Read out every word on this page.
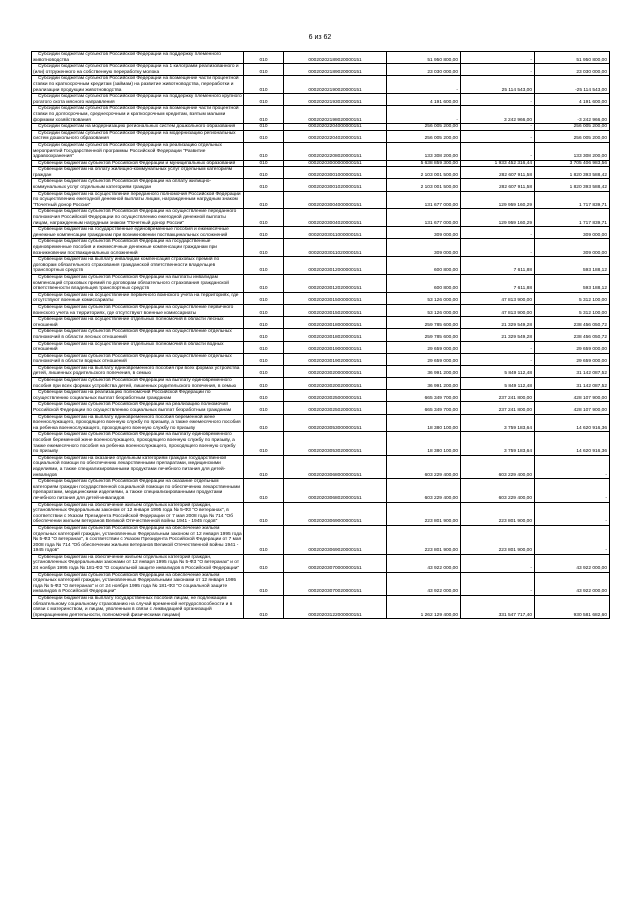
6 из 62
Субсидии бюджетам субъектов Российской Федерации на поддержку племенного животноводства	010	00020202189020000151	51 950 800,00	-	51 950 800,00
Субсидии бюджетам субъектов Российской Федерации на 1 килограмм реализованного и (или) отгруженного на собственную переработку молока	010	00020202189020000151	23 030 000,00	-	23 030 000,00
Субсидии бюджетам субъектов Российской Федерации на возмещение части процентной ставки по краткосрочным кредитам (займам) на развитие животноводства, переработки и реализации продукции животноводства	010	00020202190020000151	-	25 114 543,00	-25 114 543,00
Субсидии бюджетам субъектов Российской Федерации на поддержку племенного крупного рогатого скота мясного направления	010	00020202193020000151	4 191 600,00	-	4 191 600,00
Субсидии бюджетам субъектов Российской Федерации на возмещение части процентной ставки по долгосрочным, среднесрочным и краткосрочным кредитам, взятым малыми формами хозяйствования	010	00020202198020000151	-	3 242 966,00	-3 242 966,00
Субсидии бюджетам на модернизацию региональных систем дошкольного образования	010	00020202204000000151	256 005 200,00	-	256 005 200,00
Субсидии бюджетам субъектов Российской Федерации на модернизацию региональных систем дошкольного образования	010	00020202204020000151	256 005 200,00	-	256 005 200,00
Субсидии бюджетам субъектов Российской Федерации на реализацию отдельных мероприятий Государственной программы Российской Федерации "Развитие здравоохранения"	010	00020202208020000151	133 308 200,00	-	133 308 200,00
Субвенции бюджетам субъектов Российской Федерации и муниципальных образований	010	00020203000000000151	5 638 859 300,00	1 933 452 316,44	3 705 406 983,56
Субвенции бюджетам на оплату жилищно-коммунальных услуг отдельным категориям граждан	010	00020203001000000151	2 103 001 500,00	282 607 911,58	1 820 393 588,42
Субвенции бюджетам субъектов Российской Федерации на оплату жилищно-коммунальных услуг отдельным категориям граждан	010	00020203001020000151	2 103 001 500,00	282 607 911,58	1 820 393 588,42
Субвенции бюджетам на осуществление переданного полномочия Российской Федерации по осуществлению ежегодной денежной выплаты лицам, награжденным нагрудным знаком "Почетный донор России"	010	00020203004000000151	131 677 000,00	129 959 160,29	1 717 839,71
Субвенции бюджетам субъектов Российской Федерации на осуществление переданного полномочия Российской Федерации по осуществлению ежегодной денежной выплаты лицам, награжденным нагрудным знаком "Почетный донор России"	010	00020203004020000151	131 677 000,00	129 959 160,29	1 717 839,71
Субвенции бюджетам на государственные единовременные пособия и ежемесячные денежные компенсации гражданам при возникновении поствакцинальных осложнений	010	00020203011000000151	309 000,00	-	309 000,00
Субвенции бюджетам субъектов Российской Федерации на государственные единовременные пособия и ежемесячные денежные компенсации гражданам при возникновении поствакцинальных осложнений	010	00020203011020000151	309 000,00	-	309 000,00
Субвенции бюджетам на выплату инвалидам компенсаций страховых премий по договорам обязательного страхования гражданской ответственности владельцев транспортных средств	010	00020203012000000151	600 800,00	7 611,88	593 188,12
Субвенции бюджетам субъектов Российской Федерации на выплаты инвалидам компенсаций страховых премий по договорам обязательного страхования гражданской ответственности владельцев транспортных средств	010	00020203012020000151	600 800,00	7 611,88	593 188,12
Субвенции бюджетам на осуществление первичного воинского учета на территориях, где отсутствуют военные комиссариаты	010	00020203015000000151	53 126 000,00	47 813 900,00	5 312 100,00
Субвенции бюджетам субъектов Российской Федерации на осуществление первичного воинского учета на территориях, где отсутствуют военные комиссариаты	010	00020203015020000151	53 126 000,00	47 813 900,00	5 312 100,00
Субвенции бюджетам на осуществление отдельных полномочий в области лесных отношений	010	00020203018000000151	259 785 600,00	21 329 549,28	238 456 050,72
Субвенции бюджетам субъектов Российской Федерации на осуществление отдельных полномочий в области лесных отношений	010	00020203018020000151	259 785 600,00	21 329 549,28	238 456 050,72
Субвенции бюджетам на осуществление отдельных полномочий в области водных отношений	010	00020203019000000151	29 659 000,00	-	29 659 000,00
Субвенции бюджетам субъектов Российской Федерации на осуществление отдельных полномочий в области водных отношений	010	00020203019020000151	29 659 000,00	-	29 659 000,00
Субвенции бюджетам на выплату единовременного пособия при всех формах устройства детей, лишенных родительского попечения, в семью	010	00020203020000000151	36 991 200,00	5 849 112,48	31 142 087,52
Субвенции бюджетам субъектов Российской Федерации на выплату единовременного пособия при всех формах устройства детей, лишенных родительского попечения, в семью	010	00020203020020000151	36 991 200,00	5 849 112,48	31 142 087,52
Субвенции бюджетам на реализацию полномочий Российской Федерации по осуществлению социальных выплат безработным гражданам	010	00020203025000000151	665 349 700,00	237 241 800,00	428 107 900,00
Субвенции бюджетам субъектов Российской Федерации на реализацию полномочий Российской Федерации по осуществлению социальных выплат безработным гражданам	010	00020203025020000151	665 349 700,00	237 241 800,00	428 107 900,00
Субвенции бюджетам на выплату единовременного пособия беременной жене военнослужащего, проходящего военную службу по призыву, а также ежемесячного пособия на ребенка военнослужащего, проходящего военную службу по призыву	010	00020203053000000151	18 380 100,00	3 759 183,64	14 620 916,36
Субвенции бюджетам субъектов Российской Федерации на выплату единовременного пособия беременной жене военнослужащего, проходящего военную службу по призыву, а также ежемесячного пособия на ребенка военнослужащего, проходящего военную службу по призыву	010	00020203053020000151	18 380 100,00	3 759 183,64	14 620 916,36
Субвенции бюджетам на оказание отдельным категориям граждан государственной социальной помощи по обеспечению лекарственными препаратами, медицинскими изделиями, а также специализированными продуктами лечебного питания для детей-инвалидов	010	00020203068000000151	603 229 400,00	603 229 400,00	-
Субвенции бюджетам субъектов Российской Федерации на оказание отдельным категориям граждан государственной социальной помощи по обеспечению лекарственными препаратами, медицинскими изделиями, а также специализированными продуктами лечебного питания для детей-инвалидов	010	00020203068020000151	603 229 400,00	603 229 400,00	-
Субвенции бюджетам на обеспечение жильем отдельных категорий граждан, установленных Федеральным законом от 12 января 1995 года № 5-ФЗ "О ветеранах", в соответствии с Указом Президента Российской Федерации от 7 мая 2008 года № 714 "Об обеспечении жильем ветеранов Великой Отечественной войны 1941 - 1945 годов"	010	00020203069000000151	223 801 900,00	223 801 900,00	-
Субвенции бюджетам субъектов Российской Федерации на обеспечение жильем отдельных категорий граждан, установленных Федеральным законом от 12 января 1995 года № 5-ФЗ "О ветеранах", в соответствии с Указом Президента Российской Федерации от 7 мая 2008 года № 714 "Об обеспечении жильем ветеранов Великой Отечественной войны 1941 - 1945 годов"	010	00020203069020000151	223 801 900,00	223 801 900,00	-
Субвенции бюджетам на обеспечение жильем отдельных категорий граждан, установленных Федеральными законами от 12 января 1995 года № 5-ФЗ "О ветеранах" и от 24 ноября 1995 года № 181-ФЗ "О социальной защите инвалидов в Российской Федерации"	010	00020203070000000151	43 922 000,00	-	43 922 000,00
Субвенции бюджетам субъектов Российской Федерации на обеспечение жильем отдельных категорий граждан, установленных Федеральными законами от 12 января 1995 года № 5-ФЗ "О ветеранах" и от 24 ноября 1995 года № 181-ФЗ "О социальной защите инвалидов в Российской Федерации"	010	00020203070020000151	43 922 000,00	-	43 922 000,00
Субвенции бюджетам на выплату государственных пособий лицам, не подлежащим обязательному социальному страхованию на случай временной нетрудоспособности и в связи с материнством, и лицам, уволенным в связи с ликвидацией организаций (прекращением деятельности, полномочий физическими лицами)	010	00020203122000000151	1 262 129 400,00	331 547 717,40	930 581 682,60
